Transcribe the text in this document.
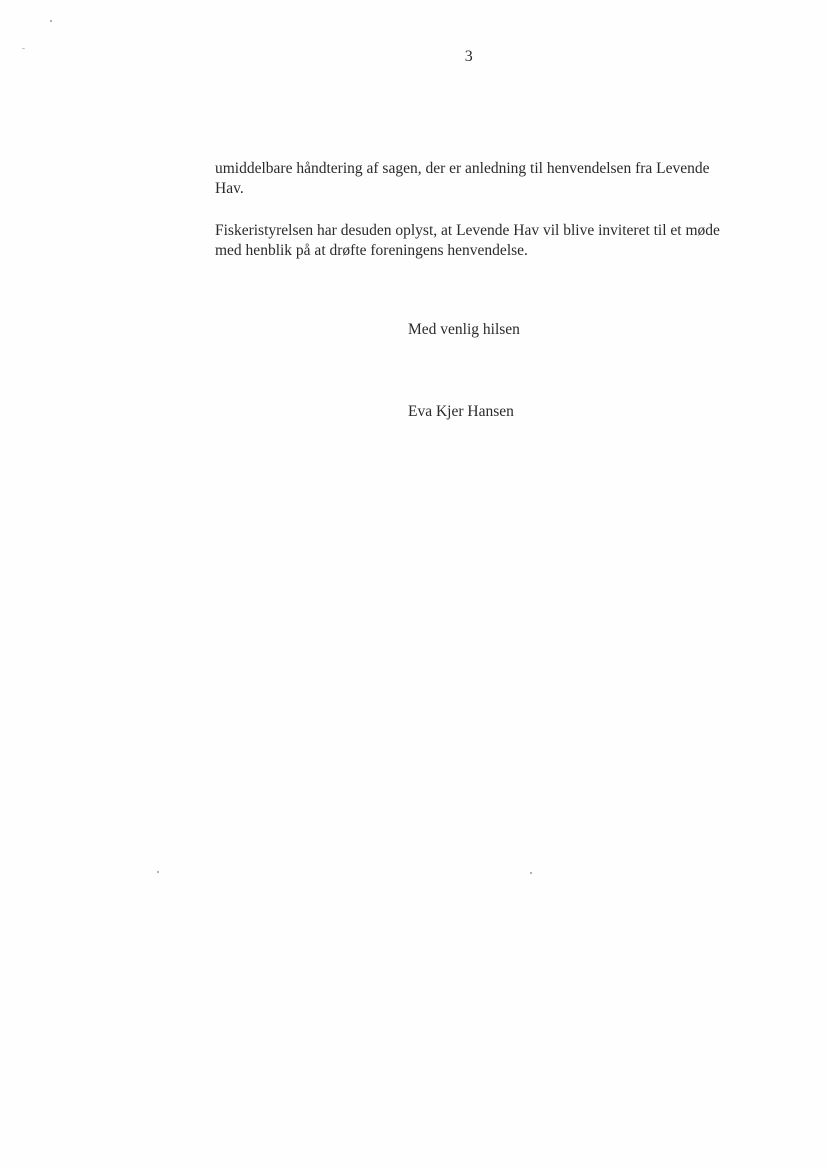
3

umiddelbare håndtering af sagen, der er anledning til henvendelsen fra Levende Hav.

Fiskeristyrelsen har desuden oplyst, at Levende Hav vil blive inviteret til et møde med henblik på at drøfte foreningens henvendelse.

Med venlig hilsen
Eva Kjer Hansen
